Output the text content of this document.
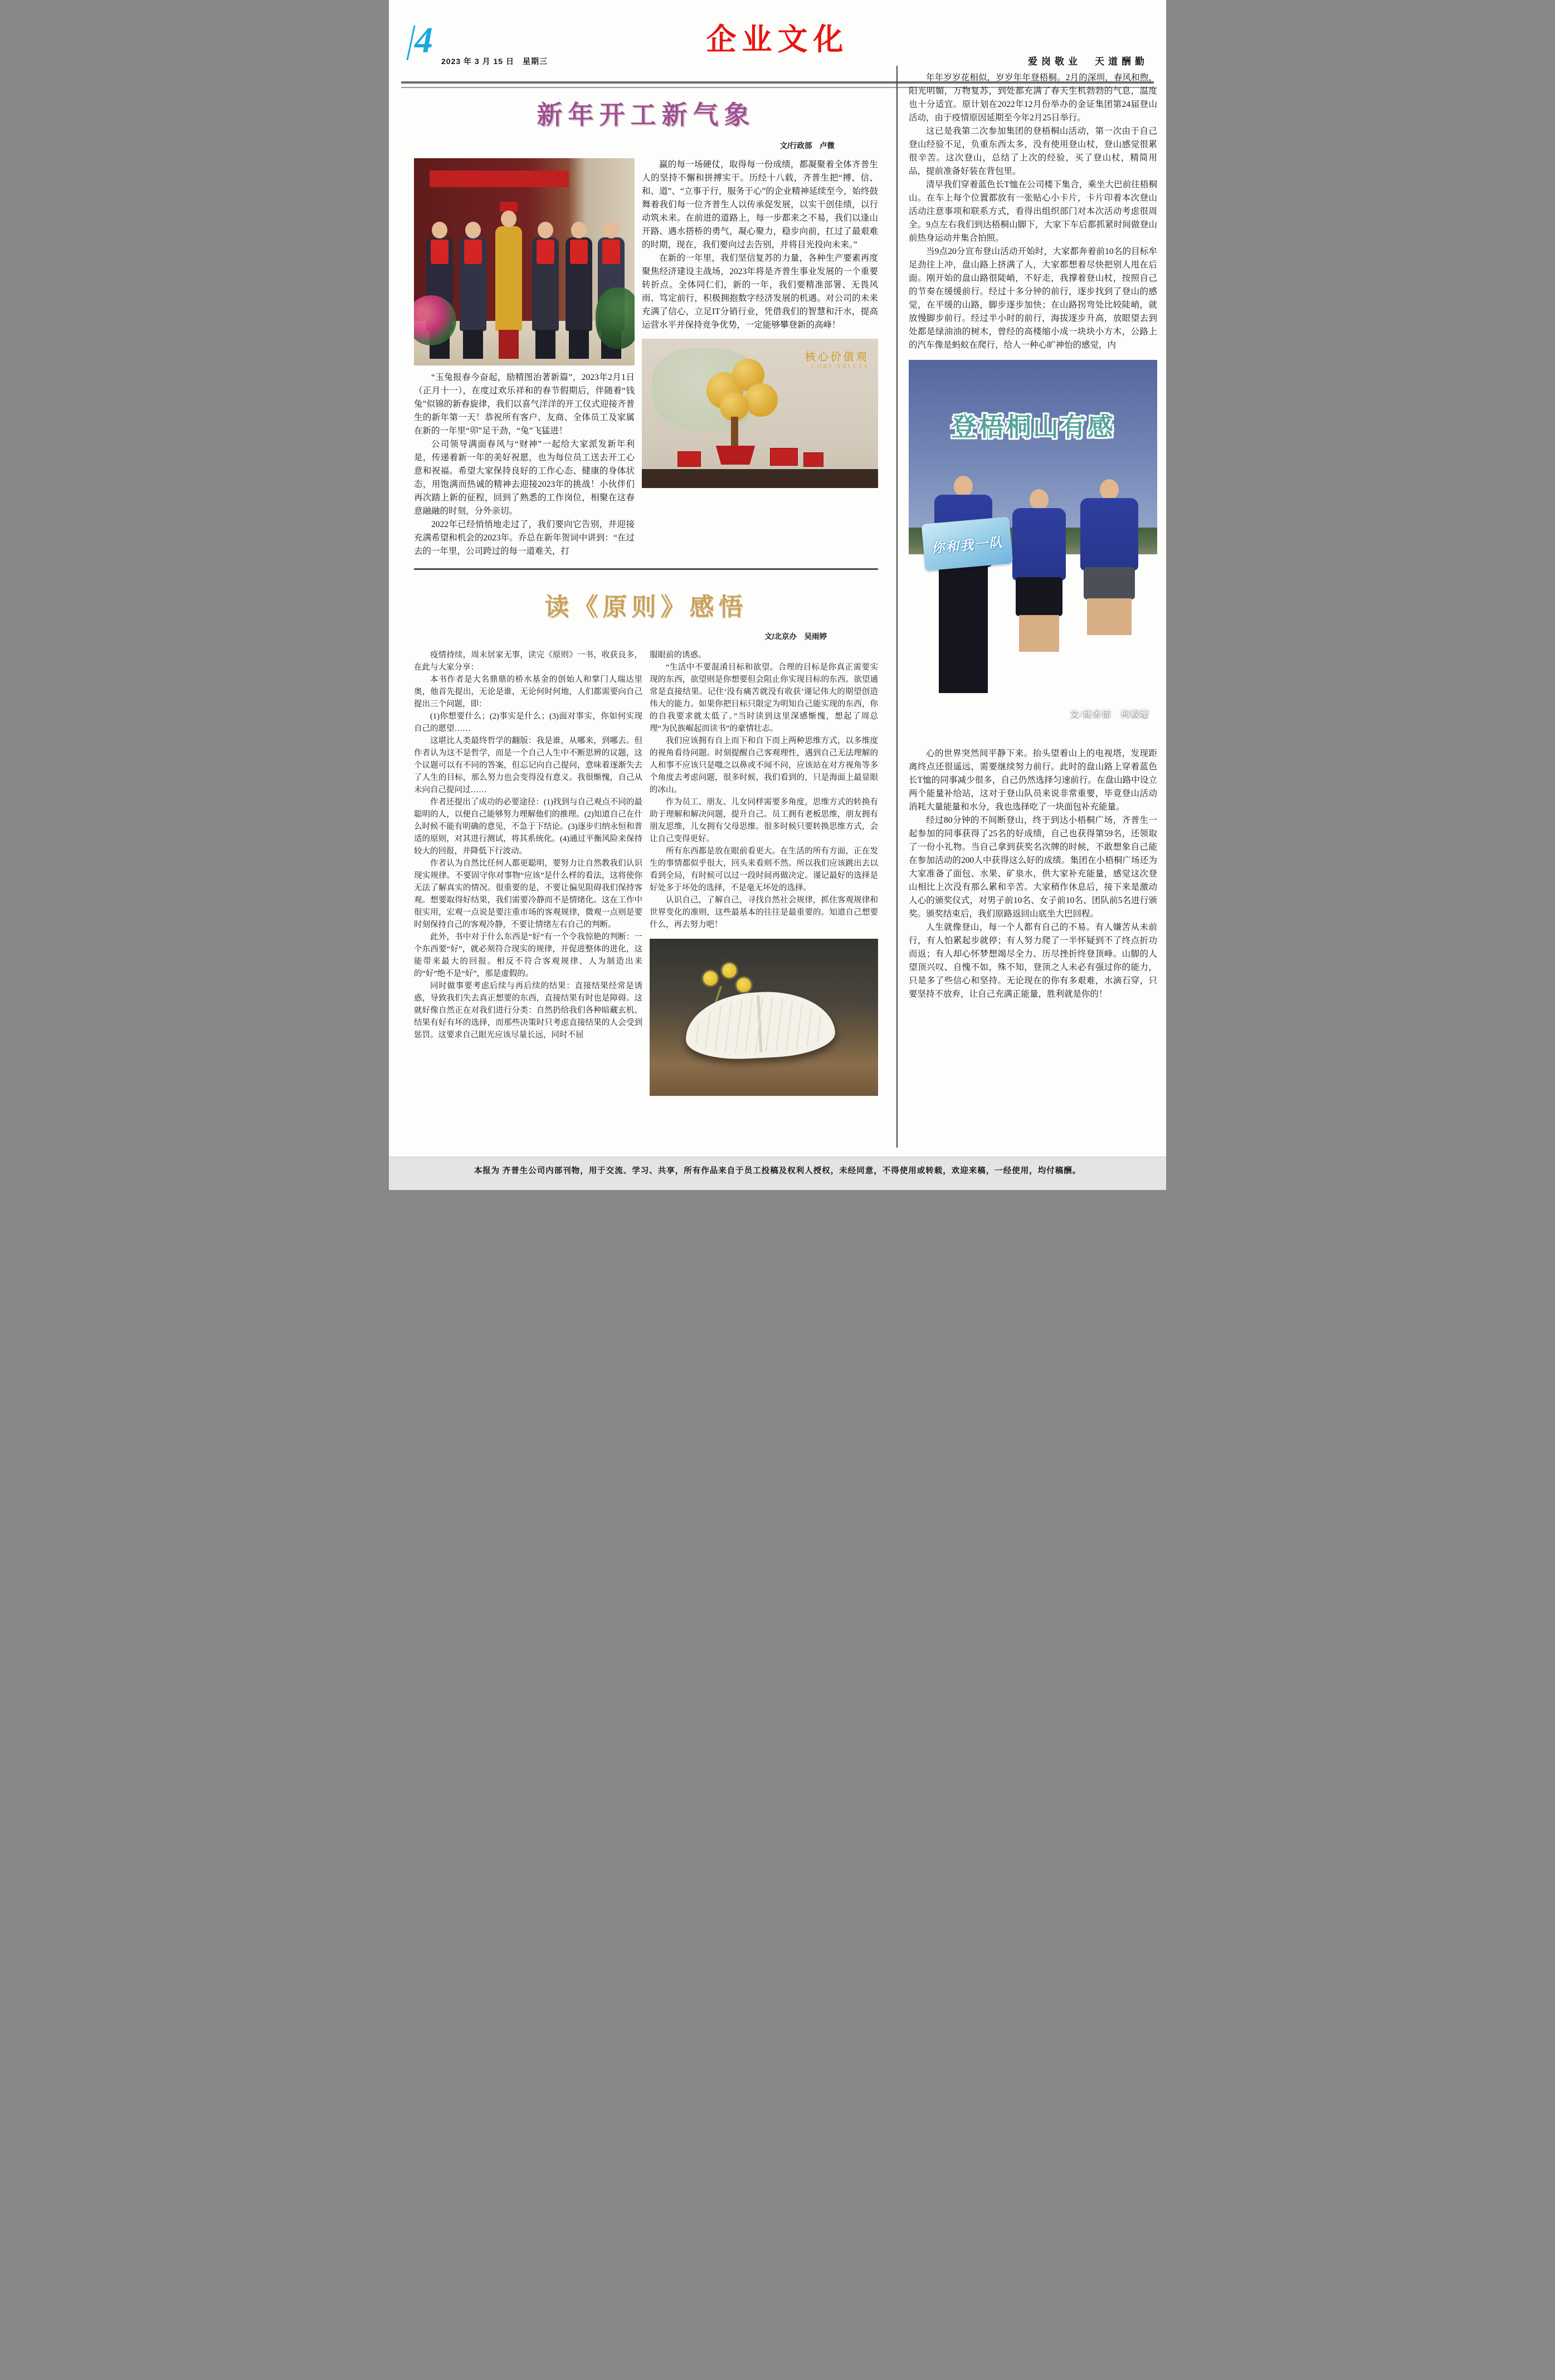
4
2023 年 3 月 15 日　星期三
企业文化
爱岗敬业　天道酬勤
新年开工新气象
文/行政部　卢微

“玉兔报春今奋起，励精图治著新篇”，2023年2月1日（正月十一），在度过欢乐祥和的春节假期后，伴随着“钱兔”似锦的新春旋律，我们以喜气洋洋的开工仪式迎接齐普生的新年第一天！恭祝所有客户、友商、全体员工及家属在新的一年里“卯”足干劲，“兔”飞猛进！

公司领导满面春风与“财神”一起给大家派发新年利是，传递着新一年的美好祝愿，也为每位员工送去开工心意和祝福。希望大家保持良好的工作心态、健康的身体状态，用饱满而热诚的精神去迎接2023年的挑战！小伙伴们再次踏上新的征程，回到了熟悉的工作岗位，相聚在这春意融融的时刻，分外亲切。

2022年已经悄悄地走过了，我们要向它告别，并迎接充满希望和机会的2023年。乔总在新年贺词中讲到：“在过去的一年里，公司跨过的每一道难关，打

赢的每一场硬仗，取得每一份成绩，都凝聚着全体齐普生人的坚持不懈和拼搏实干。历经十八载，齐普生把“搏、信、和、道”、“立事于行，服务于心”的企业精神延续至今，始终鼓舞着我们每一位齐普生人以传承促发展，以实干创佳绩，以行动筑未来。在前进的道路上，每一步都来之不易，我们以逢山开路、遇水搭桥的勇气，凝心聚力，稳步向前，扛过了最艰难的时期，现在，我们要向过去告别，并将目光投向未来。”

在新的一年里，我们坚信复苏的力量，各种生产要素再度聚焦经济建设主战场，2023年将是齐普生事业发展的一个重要转折点。全体同仁们，新的一年，我们要精准部署、无畏风雨、笃定前行，积极拥抱数字经济发展的机遇。对公司的未来充满了信心，立足IT分销行业，凭借我们的智慧和汗水，提高运营水平并保持竞争优势，一定能够攀登新的高峰！

核心价值观
CORE VALUES
读《原则》感悟
文/北京办　吴雨婷

疫情持续，周末居家无事，读完《原则》一书，收获良多，在此与大家分享：

本书作者是大名鼎鼎的桥水基金的创始人和掌门人瑞达里奥，他首先提出，无论是谁，无论何时何地，人们都需要向自己提出三个问题，即：

(1)你想要什么；(2)事实是什么；(3)面对事实，你如何实现自己的愿望……

这堪比人类最终哲学的翻版：我是谁，从哪来，到哪去。但作者认为这不是哲学，而是一个自己人生中不断思辨的议题，这个议题可以有不同的答案，但忘记向自己提问，意味着逐渐失去了人生的目标，那么努力也会变得没有意义。我很惭愧，自己从未向自己提问过……

作者还提出了成功的必要途径：(1)找到与自己观点不同的最聪明的人，以便自己能够努力理解他们的推理。(2)知道自己在什么时候不能有明确的意见，不急于下结论。(3)逐步归纳永恒和普适的原则，对其进行测试，将其系统化。(4)通过平衡风险来保持较大的回报，并降低下行波动。

作者认为自然比任何人都更聪明，要努力让自然教我们认识现实规律。不要固守你对事物“应该”是什么样的看法，这将使你无法了解真实的情况。很重要的是，不要让偏见阻碍我们保持客观。想要取得好结果，我们需要冷静而不是情绪化。这在工作中很实用，宏观一点说是要注重市场的客观规律，微观一点则是要时刻保持自己的客观冷静，不要让情绪左右自己的判断。

此外，书中对于什么东西是“好”有一个令我惊艳的判断：一个东西要“好”，就必须符合现实的规律，并促进整体的进化，这能带来最大的回报。相反不符合客观规律、人为制造出来的“好”绝不是“好”，那是虚假的。

同时做事要考虑后续与再后续的结果：直接结果经常是诱惑，导致我们失去真正想要的东西，直接结果有时也是障碍。这就好像自然正在对我们进行分类：自然扔给我们各种暗藏玄机、结果有好有坏的选择，而那些决策时只考虑直接结果的人会受到惩罚。这要求自己眼光应该尽量长远，同时不屈

服眼前的诱惑。

“生活中不要混淆目标和欲望。合理的目标是你真正需要实现的东西，欲望则是你想要但会阻止你实现目标的东西。欲望通常是直接结果。记住‘没有痛苦就没有收获’谨记伟大的期望创造伟大的能力。如果你把目标只限定为明知自己能实现的东西，你的自我要求就太低了。”当时读到这里深感惭愧，想起了周总理“为民族崛起而读书”的豪情壮志。

我们应该拥有自上而下和自下而上两种思维方式，以多维度的视角看待问题。时刻提醒自己客观理性，遇到自己无法理解的人和事不应该只是嗤之以鼻或不闻不问，应该站在对方视角等多个角度去考虑问题，很多时候，我们看到的，只是海面上最显眼的冰山。

作为员工、朋友、儿女同样需要多角度，思维方式的转换有助于理解和解决问题，提升自己。员工拥有老板思维，朋友拥有朋友思维，儿女拥有父母思维。很多时候只要转换思维方式，会让自己变得更好。

所有东西都是放在眼前看更大。在生活的所有方面，正在发生的事情都似乎很大，回头来看则不然。所以我们应该跳出去以看到全局，有时候可以过一段时间再做决定。谨记最好的选择是好处多于坏处的选择，不是毫无坏处的选择。

认识自己，了解自己，寻找自然社会规律，抓住客观规律和世界变化的准则，这些最基本的往往是最重要的。知道自己想要什么，再去努力吧！

年年岁岁花相似，岁岁年年登梧桐。2月的深圳，春风和煦，阳光明媚，万物复苏，到处都充满了春天生机勃勃的气息，温度也十分适宜。原计划在2022年12月份举办的金证集团第24届登山活动，由于疫情原因延期至今年2月25日举行。

这已是我第二次参加集团的登梧桐山活动，第一次由于自己登山经验不足，负重东西太多，没有使用登山杖，登山感觉很累很辛苦。这次登山，总结了上次的经验，买了登山杖，精简用品，提前准备好装在背包里。

清早我们穿着蓝色长T恤在公司楼下集合，乘坐大巴前往梧桐山。在车上每个位置都放有一张贴心小卡片，卡片印着本次登山活动注意事项和联系方式，看得出组织部门对本次活动考虑很周全。9点左右我们到达梧桐山脚下，大家下车后都抓紧时间做登山前热身运动并集合拍照。

当9点20分宣布登山活动开始时，大家都奔着前10名的目标牟足劲往上冲，盘山路上挤满了人，大家都想着尽快把别人甩在后面。刚开始的盘山路很陡峭，不好走，我撑着登山杖，按照自己的节奏在缓缓前行。经过十多分钟的前行，逐步找到了登山的感觉，在平缓的山路，脚步逐步加快；在山路拐弯处比较陡峭，就放慢脚步前行。经过半小时的前行，海拔逐步升高，放眼望去到处都是绿油油的树木，曾经的高楼缩小成一块块小方木，公路上的汽车像是蚂蚁在爬行，给人一种心旷神怡的感觉，内

登梧桐山有感
你和我一队
文/商务部　柯载珊

心的世界突然间平静下来。抬头望着山上的电视塔，发现距离终点还很遥远，需要继续努力前行。此时的盘山路上穿着蓝色长T恤的同事减少很多，自己仍然选择匀速前行。在盘山路中设立两个能量补给站，这对于登山队员来说非常重要，毕竟登山活动消耗大量能量和水分，我也选择吃了一块面包补充能量。

经过80分钟的不间断登山，终于到达小梧桐广场，齐普生一起参加的同事获得了25名的好成绩，自己也获得第59名，还领取了一份小礼物。当自己拿到获奖名次牌的时候，不敢想象自己能在参加活动的200人中获得这么好的成绩。集团在小梧桐广场还为大家准备了面包、水果、矿泉水，供大家补充能量，感觉这次登山相比上次没有那么累和辛苦。大家稍作休息后，接下来是激动人心的颁奖仪式，对男子前10名、女子前10名、团队前5名进行颁奖。颁奖结束后，我们原路返回山底坐大巴回程。

人生就像登山，每一个人都有自己的不易。有人嫌苦从未前行，有人怕累起步就停；有人努力爬了一半怀疑到不了终点折功而返；有人却心怀梦想竭尽全力、历尽挫折终登顶峰。山脚的人望顶兴叹、自愧不如，殊不知，登顶之人未必有强过你的能力，只是多了些信心和坚持。无论现在的你有多艰难，水滴石穿，只要坚持不放弃，让自己充满正能量，胜利就是你的！

本报为 齐普生公司内部刊物，用于交流、学习、共享，所有作品来自于员工投稿及权利人授权，未经同意，不得使用或转载，欢迎来稿，一经使用，均付稿酬。
